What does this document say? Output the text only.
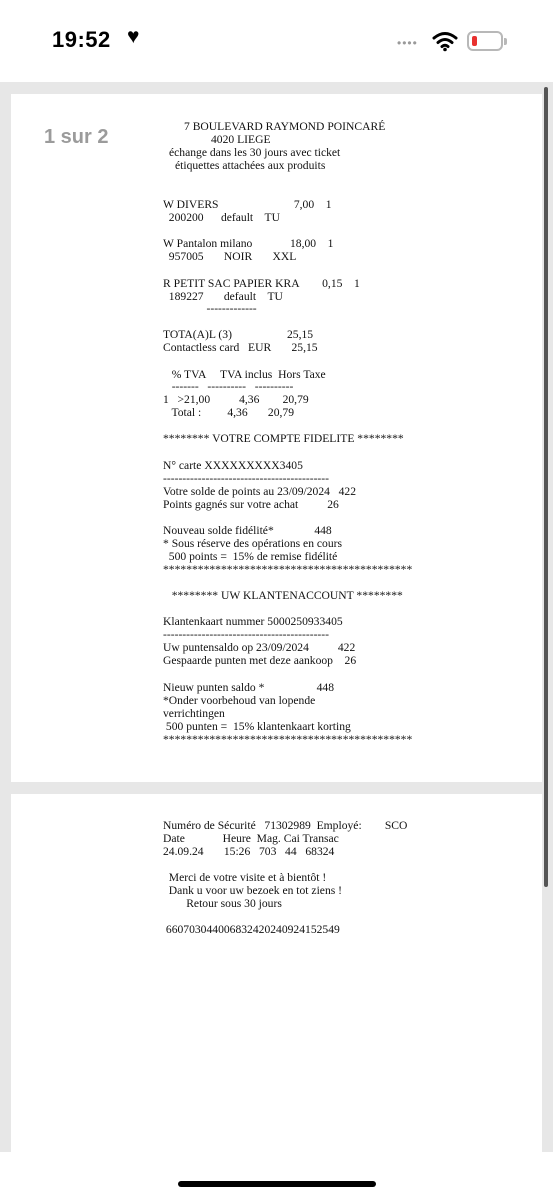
19:52 ♥	••••
1 sur 2	7 BOULEVARD RAYMOND POINCARÉ

4020 LIEGE

échange dans les 30 jours avec ticket

étiquettes attachées aux produits

W DIVERS                          7,00    1

200200      default    TU

W Pantalon milano             18,00    1

957005       NOIR       XXL

R PETIT SAC PAPIER KRA        0,15    1

189227       default    TU

-------------

TOTA(A)L (3)                   25,15

Contactless card   EUR       25,15

% TVA     TVA inclus  Hors Taxe

-------   ----------   ----------

1   >21,00          4,36        20,79

Total :         4,36       20,79

******** VOTRE COMPTE FIDELITE ********

N° carte XXXXXXXXX3405

-------------------------------------------

Votre solde de points au 23/09/2024   422

Points gagnés sur votre achat          26

Nouveau solde fidélité*              448

* Sous réserve des opérations en cours

500 points =  15% de remise fidélité

*******************************************

******** UW KLANTENACCOUNT ********

Klantenkaart nummer 5000250933405

-------------------------------------------

Uw puntensaldo op 23/09/2024          422

Gespaarde punten met deze aankoop    26

Nieuw punten saldo *                  448

*Onder voorbehoud van lopende

verrichtingen

500 punten =  15% klantenkaart korting

*******************************************

Numéro de Sécurité   71302989  Employé:        SCO

Date             Heure  Mag. Cai Transac

24.09.24       15:26   703   44   68324

Merci de votre visite et à bientôt !

Dank u voor uw bezoek en tot ziens !

Retour sous 30 jours

660703044006832420240924152549
